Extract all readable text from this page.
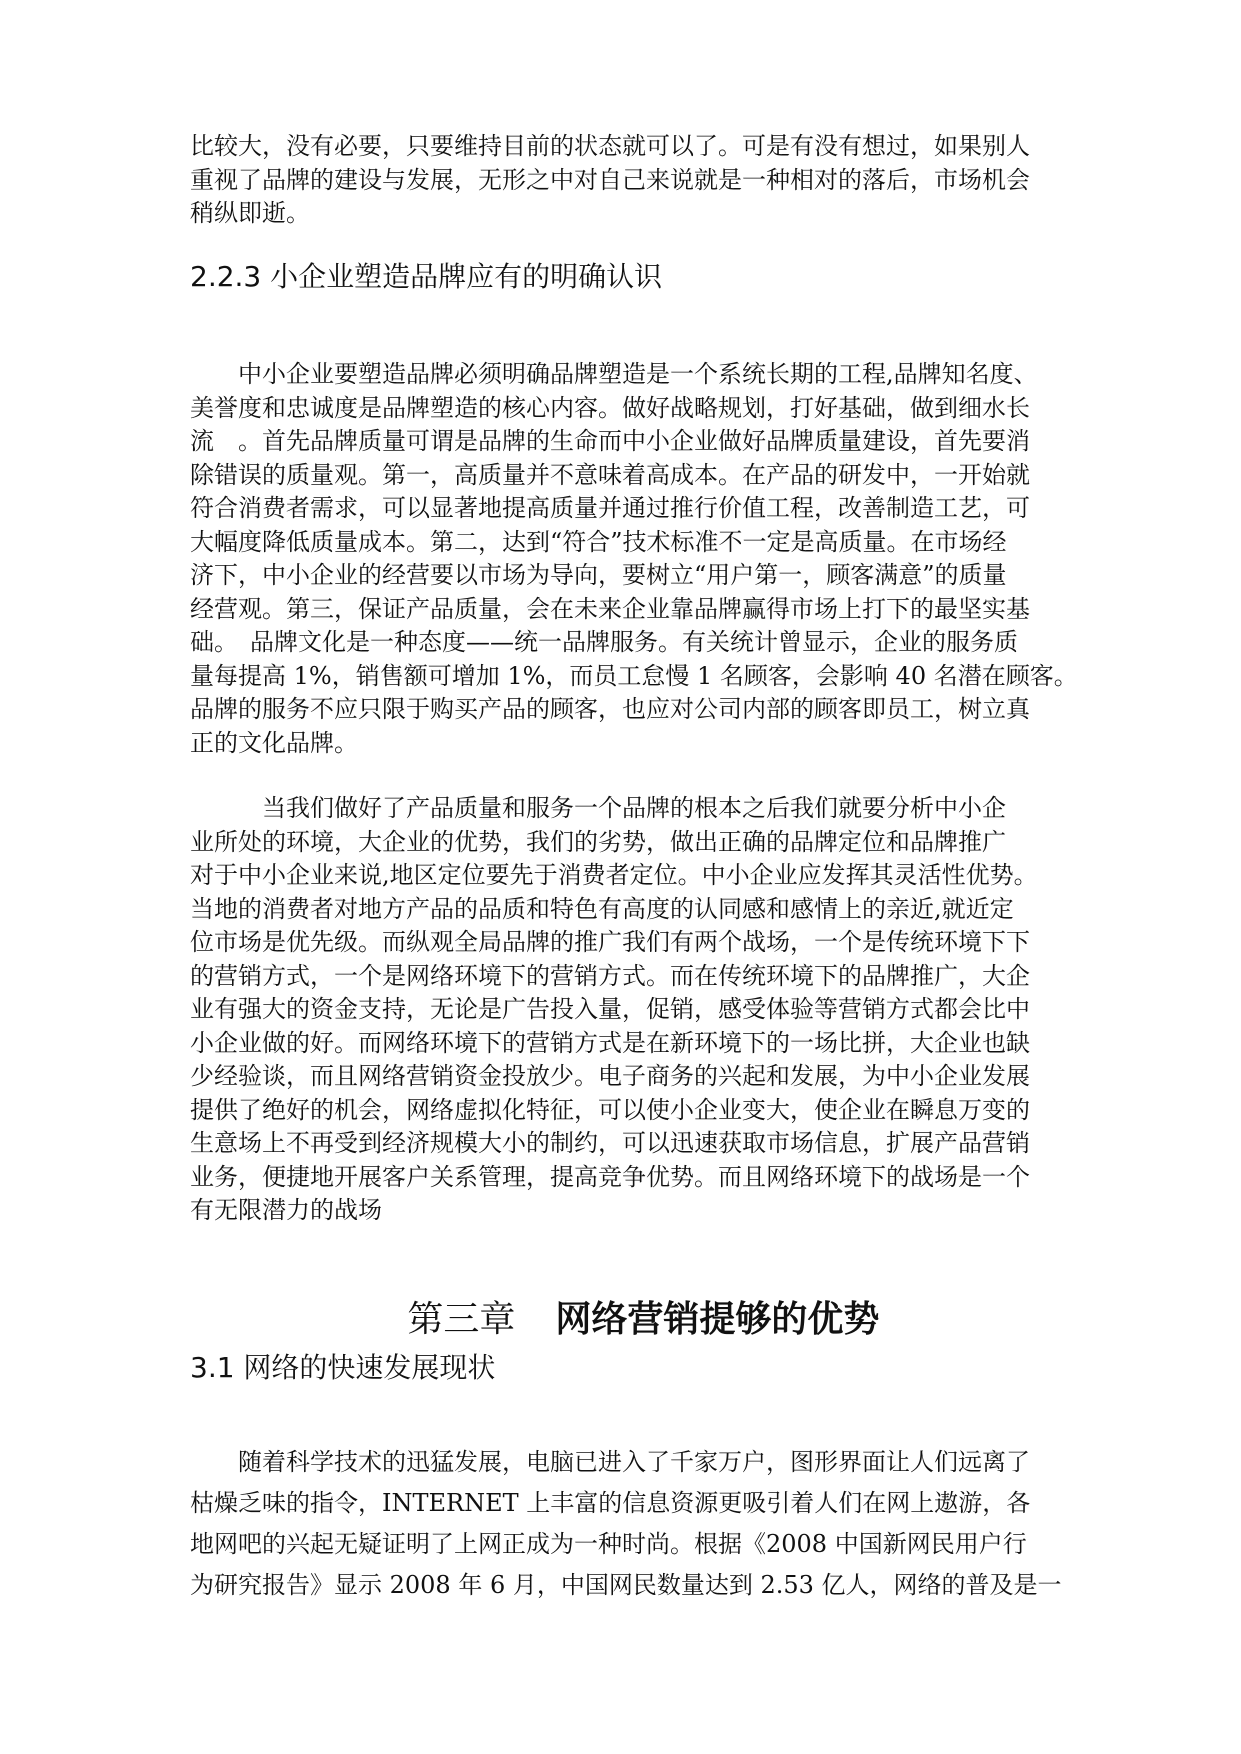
比较大，没有必要，只要维持目前的状态就可以了。可是有没有想过，如果别人
重视了品牌的建设与发展，无形之中对自己来说就是一种相对的落后，市场机会
稍纵即逝。
2.2.3 小企业塑造品牌应有的明确认识
　　中小企业要塑造品牌必须明确品牌塑造是一个系统长期的工程,品牌知名度、
美誉度和忠诚度是品牌塑造的核心内容。做好战略规划，打好基础，做到细水长
流　。首先品牌质量可谓是品牌的生命而中小企业做好品牌质量建设，首先要消
除错误的质量观。第一，高质量并不意味着高成本。在产品的研发中，一开始就
符合消费者需求，可以显著地提高质量并通过推行价值工程，改善制造工艺，可
大幅度降低质量成本。第二，达到“符合”技术标准不一定是高质量。在市场经
济下，中小企业的经营要以市场为导向，要树立“用户第一，顾客满意”的质量
经营观。第三，保证产品质量，会在未来企业靠品牌赢得市场上打下的最坚实基
础。　品牌文化是一种态度——统一品牌服务。有关统计曾显示，企业的服务质
量每提高 1%，销售额可增加 1%，而员工怠慢 1 名顾客，会影响 40 名潜在顾客。
品牌的服务不应只限于购买产品的顾客，也应对公司内部的顾客即员工，树立真
正的文化品牌。
　　　当我们做好了产品质量和服务一个品牌的根本之后我们就要分析中小企
业所处的环境，大企业的优势，我们的劣势，做出正确的品牌定位和品牌推广
对于中小企业来说,地区定位要先于消费者定位。中小企业应发挥其灵活性优势。
当地的消费者对地方产品的品质和特色有高度的认同感和感情上的亲近,就近定
位市场是优先级。而纵观全局品牌的推广我们有两个战场，一个是传统环境下下
的营销方式，一个是网络环境下的营销方式。而在传统环境下的品牌推广，大企
业有强大的资金支持，无论是广告投入量，促销，感受体验等营销方式都会比中
小企业做的好。而网络环境下的营销方式是在新环境下的一场比拼，大企业也缺
少经验谈，而且网络营销资金投放少。电子商务的兴起和发展，为中小企业发展
提供了绝好的机会，网络虚拟化特征，可以使小企业变大，使企业在瞬息万变的
生意场上不再受到经济规模大小的制约，可以迅速获取市场信息，扩展产品营销
业务，便捷地开展客户关系管理，提高竞争优势。而且网络环境下的战场是一个
有无限潜力的战场

第三章 网络营销提够的优势

3.1 网络的快速发展现状
　　随着科学技术的迅猛发展，电脑已进入了千家万户，图形界面让人们远离了
枯燥乏味的指令，INTERNET 上丰富的信息资源更吸引着人们在网上遨游，各
地网吧的兴起无疑证明了上网正成为一种时尚。根据《2008 中国新网民用户行
为研究报告》显示 2008 年 6 月，中国网民数量达到 2.53 亿人，网络的普及是一
